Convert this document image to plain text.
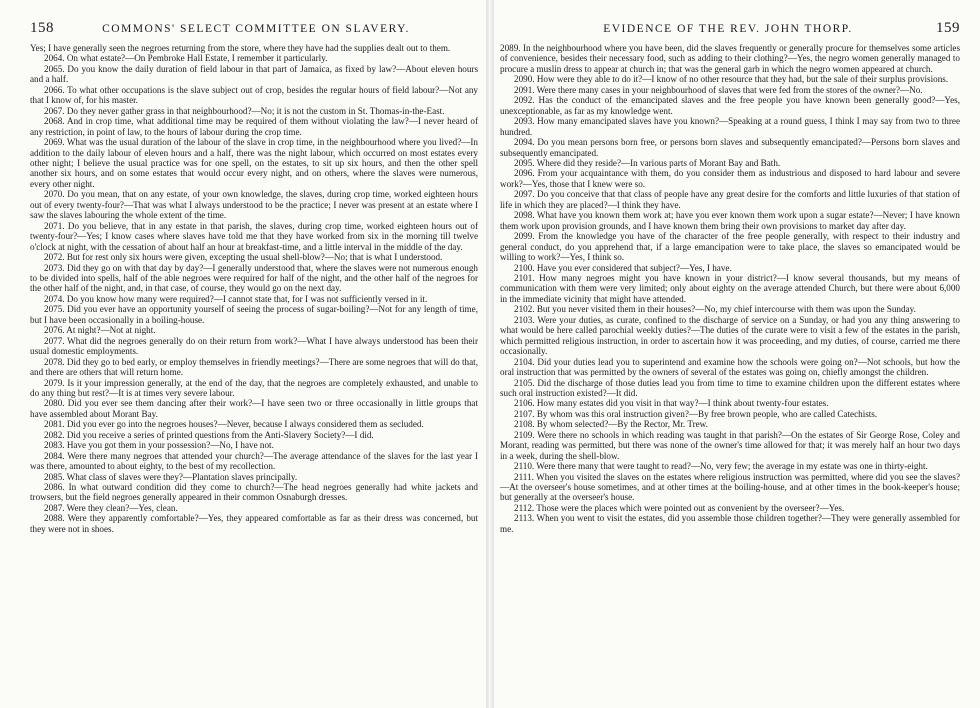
158	COMMONS' SELECT COMMITTEE ON SLAVERY.

Yes; I have generally seen the negroes returning from the store, where they have had the supplies dealt out to them.

2064. On what estate?—On Pembroke Hall Estate, I remember it particularly.

2065. Do you know the daily duration of field labour in that part of Jamaica, as fixed by law?—About eleven hours and a half.

2066. To what other occupations is the slave subject out of crop, besides the regular hours of field labour?—Not any that I know of, for his master.

2067. Do they never gather grass in that neighbourhood?—No; it is not the custom in St. Thomas-in-the-East.

2068. And in crop time, what additional time may be required of them without violating the law?—I never heard of any restriction, in point of law, to the hours of labour during the crop time.

2069. What was the usual duration of the labour of the slave in crop time, in the neighbourhood where you lived?—In addition to the daily labour of eleven hours and a half, there was the night labour, which occurred on most estates every other night; I believe the usual practice was for one spell, on the estates, to sit up six hours, and then the other spell another six hours, and on some estates that would occur every night, and on others, where the slaves were numerous, every other night.

2070. Do you mean, that on any estate, of your own knowledge, the slaves, during crop time, worked eighteen hours out of every twenty-four?—That was what I always understood to be the practice; I never was present at an estate where I saw the slaves labouring the whole extent of the time.

2071. Do you believe, that in any estate in that parish, the slaves, during crop time, worked eighteen hours out of twenty-four?—Yes; I know cases where slaves have told me that they have worked from six in the morning till twelve o'clock at night, with the cessation of about half an hour at breakfast-time, and a little interval in the middle of the day.

2072. But for rest only six hours were given, excepting the usual shell-blow?—No; that is what I understood.

2073. Did they go on with that day by day?—I generally understood that, where the slaves were not numerous enough to be divided into spells, half of the able negroes were required for half of the night, and the other half of the negroes for the other half of the night, and, in that case, of course, they would go on the next day.

2074. Do you know how many were required?—I cannot state that, for I was not sufficiently versed in it.

2075. Did you ever have an opportunity yourself of seeing the process of sugar-boiling?—Not for any length of time, but I have been occasionally in a boiling-house.

2076. At night?—Not at night.

2077. What did the negroes generally do on their return from work?—What I have always understood has been their usual domestic employments.

2078. Did they go to bed early, or employ themselves in friendly meetings?—There are some negroes that will do that, and there are others that will return home.

2079. Is it your impression generally, at the end of the day, that the negroes are completely exhausted, and unable to do any thing but rest?—It is at times very severe labour.

2080. Did you ever see them dancing after their work?—I have seen two or three occasionally in little groups that have assembled about Morant Bay.

2081. Did you ever go into the negroes houses?—Never, because I always considered them as secluded.

2082. Did you receive a series of printed questions from the Anti-Slavery Society?—I did.

2083. Have you got them in your possession?—No, I have not.

2084. Were there many negroes that attended your church?—The average attendance of the slaves for the last year I was there, amounted to about eighty, to the best of my recollection.

2085. What class of slaves were they?—Plantation slaves principally.

2086. In what outward condition did they come to church?—The head negroes generally had white jackets and trowsers, but the field negroes generally appeared in their common Osnaburgh dresses.

2087. Were they clean?—Yes, clean.

2088. Were they apparently comfortable?—Yes, they appeared comfortable as far as their dress was concerned, but they were not in shoes.

EVIDENCE OF THE REV. JOHN THORP.	159

2089. In the neighbourhood where you have been, did the slaves frequently or generally procure for themselves some articles of convenience, besides their necessary food, such as adding to their clothing?—Yes, the negro women generally managed to procure a muslin dress to appear at church in; that was the general garb in which the negro women appeared at church.

2090. How were they able to do it?—I know of no other resource that they had, but the sale of their surplus provisions.

2091. Were there many cases in your neighbourhood of slaves that were fed from the stores of the owner?—No.

2092. Has the conduct of the emancipated slaves and the free people you have known been generally good?—Yes, unexceptionable, as far as my knowledge went.

2093. How many emancipated slaves have you known?—Speaking at a round guess, I think I may say from two to three hundred.

2094. Do you mean persons born free, or persons born slaves and subsequently emancipated?—Persons born slaves and subsequently emancipated.

2095. Where did they reside?—In various parts of Morant Bay and Bath.

2096. From your acquaintance with them, do you consider them as industrious and disposed to hard labour and severe work?—Yes, those that I knew were so.

2097. Do you conceive that that class of people have any great desire for the comforts and little luxuries of that station of life in which they are placed?—I think they have.

2098. What have you known them work at; have you ever known them work upon a sugar estate?—Never; I have known them work upon provision grounds, and I have known them bring their own provisions to market day after day.

2099. From the knowledge you have of the character of the free people generally, with respect to their industry and general conduct, do you apprehend that, if a large emancipation were to take place, the slaves so emancipated would be willing to work?—Yes, I think so.

2100. Have you ever considered that subject?—Yes, I have.

2101. How many negroes might you have known in your district?—I know several thousands, but my means of communication with them were very limited; only about eighty on the average attended Church, but there were about 6,000 in the immediate vicinity that might have attended.

2102. But you never visited them in their houses?—No, my chief intercourse with them was upon the Sunday.

2103. Were your duties, as curate, confined to the discharge of service on a Sunday, or had you any thing answering to what would be here called parochial weekly duties?—The duties of the curate were to visit a few of the estates in the parish, which permitted religious instruction, in order to ascertain how it was proceeding, and my duties, of course, carried me there occasionally.

2104. Did your duties lead you to superintend and examine how the schools were going on?—Not schools, but how the oral instruction that was permitted by the owners of several of the estates was going on, chiefly amongst the children.

2105. Did the discharge of those duties lead you from time to time to examine children upon the different estates where such oral instruction existed?—It did.

2106. How many estates did you visit in that way?—I think about twenty-four estates.

2107. By whom was this oral instruction given?—By free brown people, who are called Catechists.

2108. By whom selected?—By the Rector, Mr. Trew.

2109. Were there no schools in which reading was taught in that parish?—On the estates of Sir George Rose, Coley and Morant, reading was permitted, but there was none of the owner's time allowed for that; it was merely half an hour two days in a week, during the shell-blow.

2110. Were there many that were taught to read?—No, very few; the average in my estate was one in thirty-eight.

2111. When you visited the slaves on the estates where religious instruction was permitted, where did you see the slaves?—At the overseer's house sometimes, and at other times at the boiling-house, and at other times in the book-keeper's house; but generally at the overseer's house.

2112. Those were the places which were pointed out as convenient by the overseer?—Yes.

2113. When you went to visit the estates, did you assemble those children together?—They were generally assembled for me.
